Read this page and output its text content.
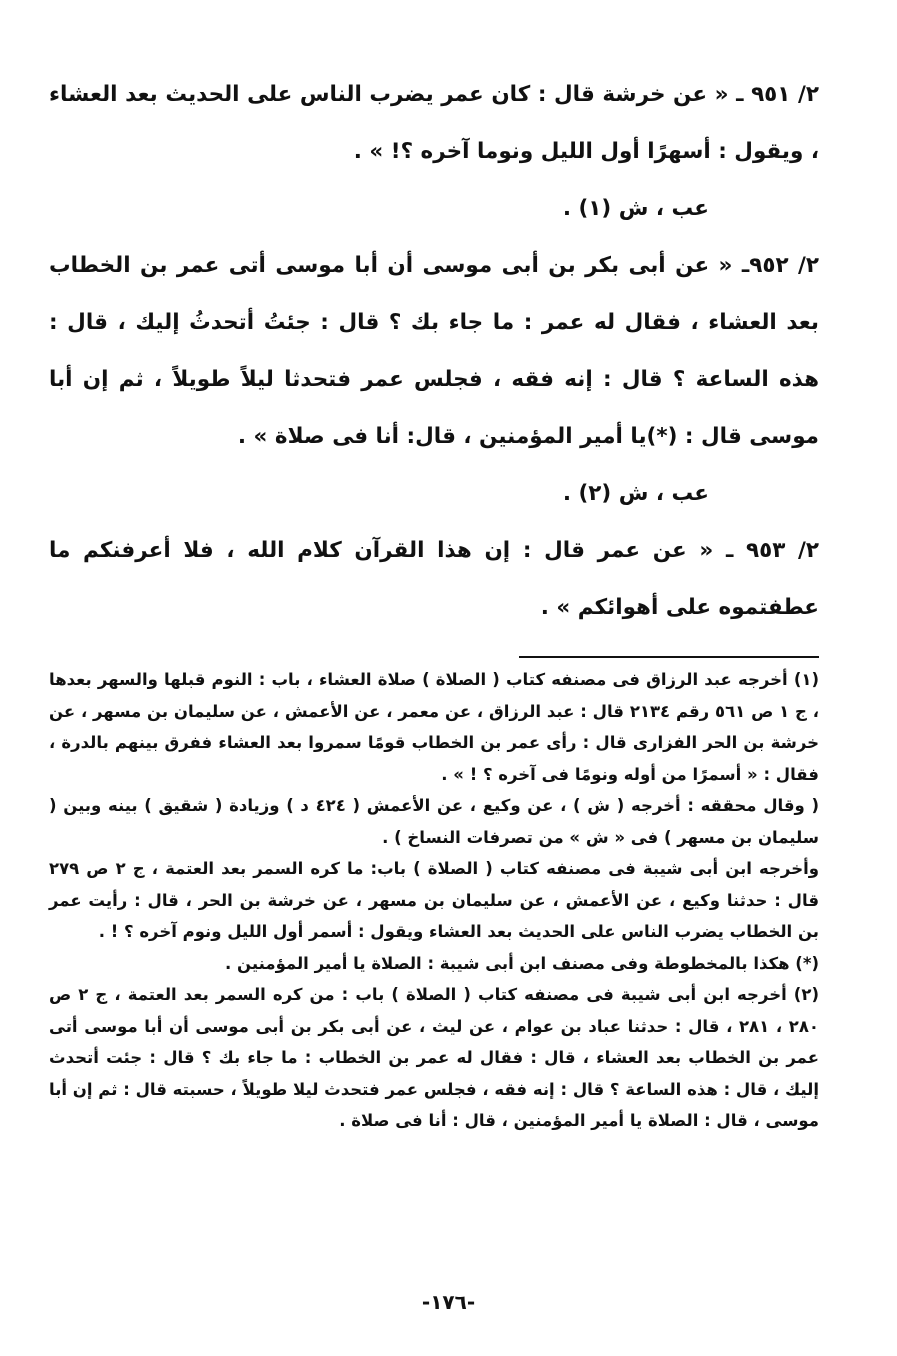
٢/ ٩٥١ ـ « عن خرشة قال : كان عمر يضرب الناس على الحديث بعد العشاء ، ويقول : أسهرًا أول الليل ونوما آخره ؟! » .

عب ، ش (١) .

٢/ ٩٥٢ـ « عن أبى بكر بن أبى موسى أن أبا موسى أتى عمر بن الخطاب بعد العشاء ، فقال له عمر : ما جاء بك ؟ قال : جئتُ أتحدثُ إليك ، قال : هذه الساعة ؟ قال : إنه فقه ، فجلس عمر فتحدثا ليلاً طويلاً ، ثم إن أبا موسى قال : (*)يا أمير المؤمنين ، قال: أنا فى صلاة » .

عب ، ش (٢) .

٢/ ٩٥٣ ـ « عن عمر قال : إن هذا القرآن كلام الله ، فلا أعرفنكم ما عطفتموه على أهوائكم » .

(١) أخرجه عبد الرزاق فى مصنفه كتاب ( الصلاة ) صلاة العشاء ، باب : النوم قبلها والسهر بعدها ، ج ١ ص ٥٦١ رقم ٢١٣٤ قال : عبد الرزاق ، عن معمر ، عن الأعمش ، عن سليمان بن مسهر ، عن خرشة بن الحر الفزارى قال : رأى عمر بن الخطاب قومًا سمروا بعد العشاء ففرق بينهم بالدرة ، فقال : « أسمرًا من أوله ونومًا فى آخره ؟ ! » .

( وقال محققه : أخرجه ( ش ) ، عن وكيع ، عن الأعمش ( ٤٢٤ د ) وزيادة ( شقيق ) بينه وبين ( سليمان بن مسهر ) فى « ش » من تصرفات النساخ ) .

وأخرجه ابن أبى شيبة فى مصنفه كتاب ( الصلاة ) باب: ما كره السمر بعد العتمة ، ج ٢ ص ٢٧٩ قال : حدثنا وكيع ، عن الأعمش ، عن سليمان بن مسهر ، عن خرشة بن الحر ، قال : رأيت عمر بن الخطاب يضرب الناس على الحديث بعد العشاء ويقول : أسمر أول الليل ونوم آخره ؟ ! .

(*) هكذا بالمخطوطة وفى مصنف ابن أبى شيبة : الصلاة يا أمير المؤمنين .

(٢) أخرجه ابن أبى شيبة فى مصنفه كتاب ( الصلاة ) باب : من كره السمر بعد العتمة ، ج ٢ ص ٢٨٠ ، ٢٨١ ، قال : حدثنا عباد بن عوام ، عن ليث ، عن أبى بكر بن أبى موسى أن أبا موسى أتى عمر بن الخطاب بعد العشاء ، قال : فقال له عمر بن الخطاب : ما جاء بك ؟ قال : جئت أتحدث إليك ، قال : هذه الساعة ؟ قال : إنه فقه ، فجلس عمر فتحدث ليلا طويلاً ، حسبته قال : ثم إن أبا موسى ، قال : الصلاة يا أمير المؤمنين ، قال : أنا فى صلاة .

-١٧٦-
